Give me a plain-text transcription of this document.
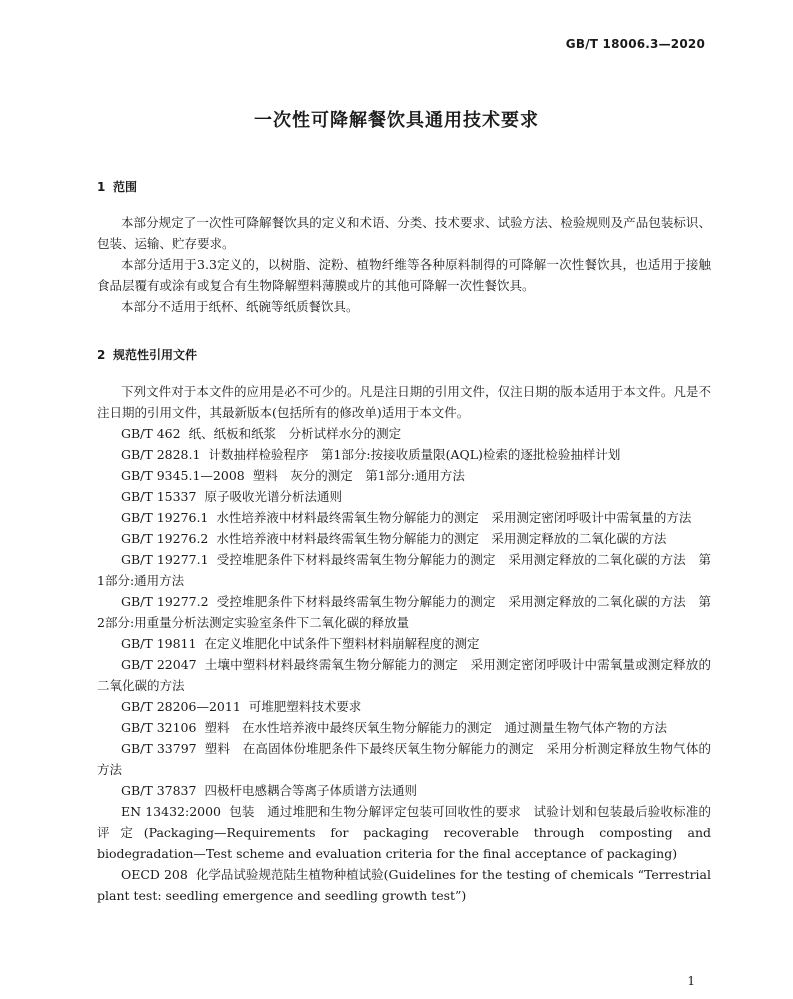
GB/T 18006.3—2020
一次性可降解餐饮具通用技术要求
1 范围

本部分规定了一次性可降解餐饮具的定义和术语、分类、技术要求、试验方法、检验规则及产品包装标识、包装、运输、贮存要求。

本部分适用于3.3定义的，以树脂、淀粉、植物纤维等各种原料制得的可降解一次性餐饮具，也适用于接触食品层覆有或涂有或复合有生物降解塑料薄膜或片的其他可降解一次性餐饮具。

本部分不适用于纸杯、纸碗等纸质餐饮具。

2 规范性引用文件

下列文件对于本文件的应用是必不可少的。凡是注日期的引用文件，仅注日期的版本适用于本文件。凡是不注日期的引用文件，其最新版本(包括所有的修改单)适用于本文件。

GB/T 462 纸、纸板和纸浆　分析试样水分的测定

GB/T 2828.1 计数抽样检验程序　第1部分:按接收质量限(AQL)检索的逐批检验抽样计划

GB/T 9345.1—2008 塑料　灰分的测定　第1部分:通用方法

GB/T 15337 原子吸收光谱分析法通则

GB/T 19276.1 水性培养液中材料最终需氧生物分解能力的测定　采用测定密闭呼吸计中需氧量的方法

GB/T 19276.2 水性培养液中材料最终需氧生物分解能力的测定　采用测定释放的二氧化碳的方法

GB/T 19277.1 受控堆肥条件下材料最终需氧生物分解能力的测定　采用测定释放的二氧化碳的方法　第1部分:通用方法

GB/T 19277.2 受控堆肥条件下材料最终需氧生物分解能力的测定　采用测定释放的二氧化碳的方法　第2部分:用重量分析法测定实验室条件下二氧化碳的释放量

GB/T 19811 在定义堆肥化中试条件下塑料材料崩解程度的测定

GB/T 22047 土壤中塑料材料最终需氧生物分解能力的测定　采用测定密闭呼吸计中需氧量或测定释放的二氧化碳的方法

GB/T 28206—2011 可堆肥塑料技术要求

GB/T 32106 塑料　在水性培养液中最终厌氧生物分解能力的测定　通过测量生物气体产物的方法

GB/T 33797 塑料　在高固体份堆肥条件下最终厌氧生物分解能力的测定　采用分析测定释放生物气体的方法

GB/T 37837 四极杆电感耦合等离子体质谱方法通则

EN 13432:2000 包装　通过堆肥和生物分解评定包装可回收性的要求　试验计划和包装最后验收标准的评定(Packaging—Requirements for packaging recoverable through composting and biodegradation—Test scheme and evaluation criteria for the final acceptance of packaging)

OECD 208 化学品试验规范陆生植物种植试验(Guidelines for the testing of chemicals “Terrestrial plant test: seedling emergence and seedling growth test”)

1
